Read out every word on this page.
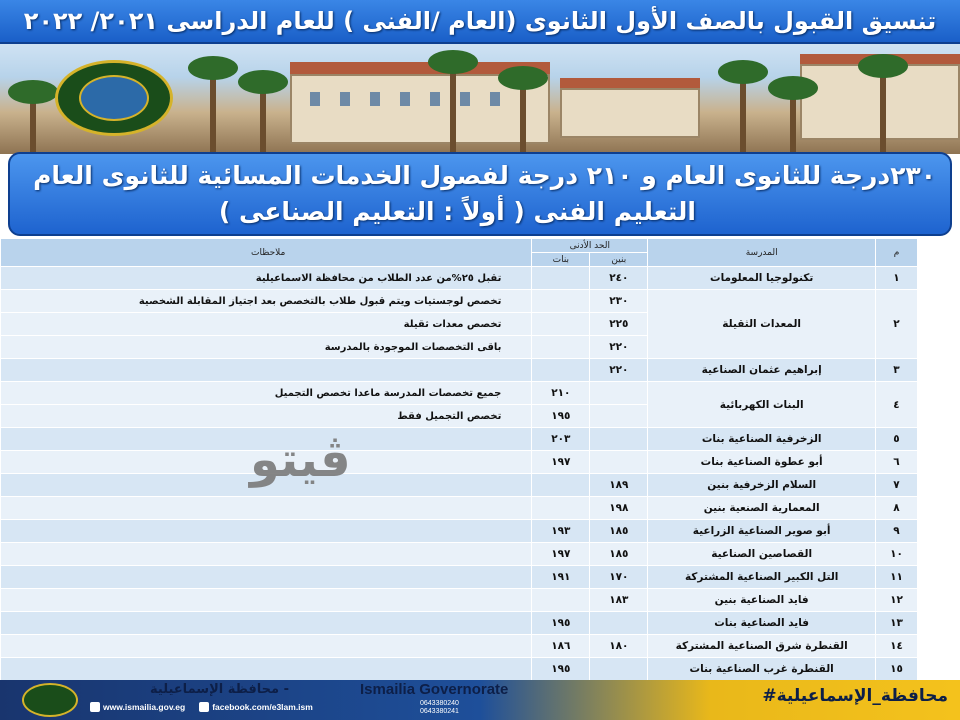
تنسيق القبول بالصف الأول الثانوى (العام /الفنى ) للعام الدراسى ٢٠٢١/ ٢٠٢٢
٢٣٠درجة للثانوى العام و ٢١٠ درجة لفصول الخدمات المسائية للثانوى العام
التعليم الفنى ( أولاً : التعليم الصناعى )
م	المدرسة	الحد الأدنى		ملاحظات
		بنين	بنات	
١	تكنولوجيا المعلومات	٢٤٠		تقبل ٢٥%من عدد الطلاب من محافظة الاسماعيلية
٢	المعدات الثقيلة	٢٣٠		تخصص لوجستيات ويتم قبول طلاب بالتخصص بعد اجتياز المقابلة الشخصية
		٢٢٥		تخصص معدات ثقيلة
		٢٢٠		باقى التخصصات الموجودة بالمدرسة
٣	إبراهيم عثمان الصناعية	٢٢٠		
٤	البنات الكهربائية		٢١٠	جميع تخصصات المدرسة ماعدا تخصص التجميل
			١٩٥	تخصص التجميل فقط
٥	الزخرفية الصناعية بنات		٢٠٣	
٦	أبو عطوة الصناعية بنات		١٩٧	
٧	السلام الزخرفية بنين	١٨٩		
٨	المعمارية الصنعية بنين	١٩٨		
٩	أبو صوير الصناعية الزراعية	١٨٥	١٩٣	
١٠	القصاصين الصناعية	١٨٥	١٩٧	
١١	التل الكبير الصناعية المشتركة	١٧٠	١٩١	
١٢	فايد الصناعية بنين	١٨٣		
١٣	فايد الصناعية بنات		١٩٥	
١٤	القنطرة شرق الصناعية المشتركة	١٨٠	١٨٦	
١٥	القنطرة غرب الصناعية بنات		١٩٥	
ڤيتو
محافظة الإسماعيلية -	Ismailia Governorate	#محافظة_الإسماعيلية
www.ismailia.gov.eg	facebook.com/e3lam.ism	0643380240
0643380241
